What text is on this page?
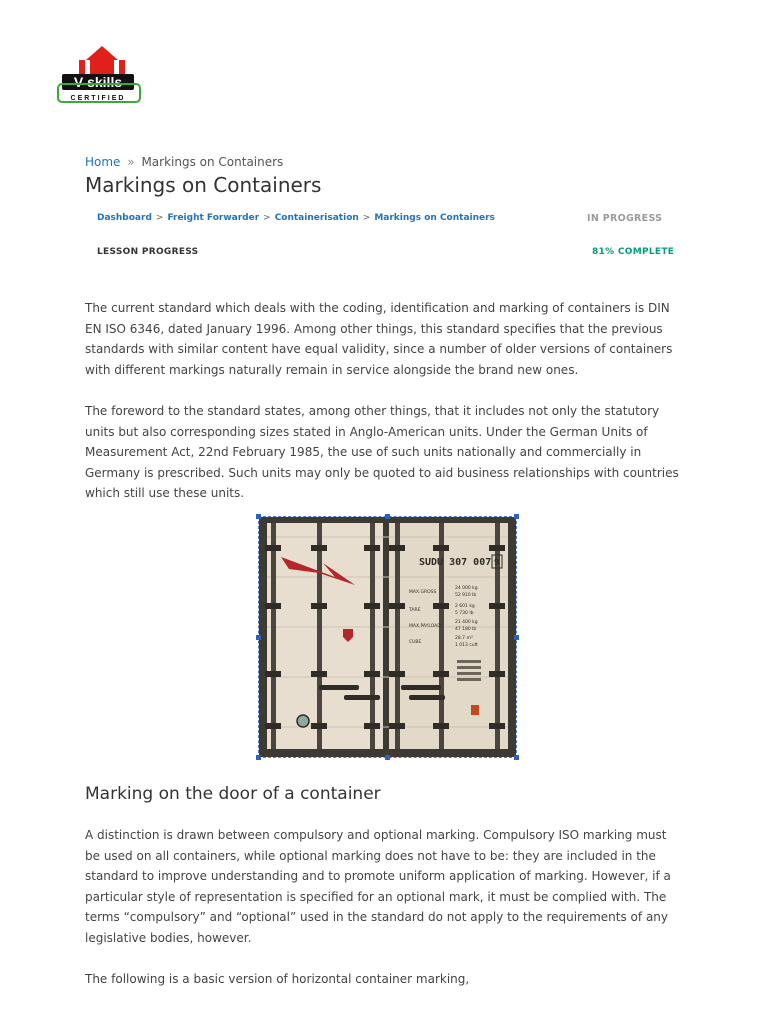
V skills
CERTIFIED
Home » Markings on Containers
Markings on Containers
Dashboard > Freight Forwarder > Containerisation > Markings on Containers	IN PROGRESS
LESSON PROGRESS	81% COMPLETE

The current standard which deals with the coding, identification and marking of containers is DIN EN ISO 6346, dated January 1996. Among other things, this standard specifies that the previous standards with similar content have equal validity, since a number of older versions of containers with different markings naturally remain in service alongside the brand new ones.

The foreword to the standard states, among other things, that it includes not only the statutory units but also corresponding sizes stated in Anglo-American units. Under the German Units of Measurement Act, 22nd February 1985, the use of such units nationally and commercially in Germany is prescribed. Such units may only be quoted to aid business relationships with countries which still use these units.

SUDU 307 007 9
MAX.GROSS
24 000 kg
52 910 lb
TARE
2 601 kg
5 730 lb
MAX.PAYLOAD
21 400 kg
47 180 lb
CUBE
28.7 m³
1 013 cuft
Marking on the door of a container

A distinction is drawn between compulsory and optional marking. Compulsory ISO marking must be used on all containers, while optional marking does not have to be: they are included in the standard to improve understanding and to promote uniform application of marking. However, if a particular style of representation is specified for an optional mark, it must be complied with. The terms “compulsory” and “optional” used in the standard do not apply to the requirements of any legislative bodies, however.

The following is a basic version of horizontal container marking,
